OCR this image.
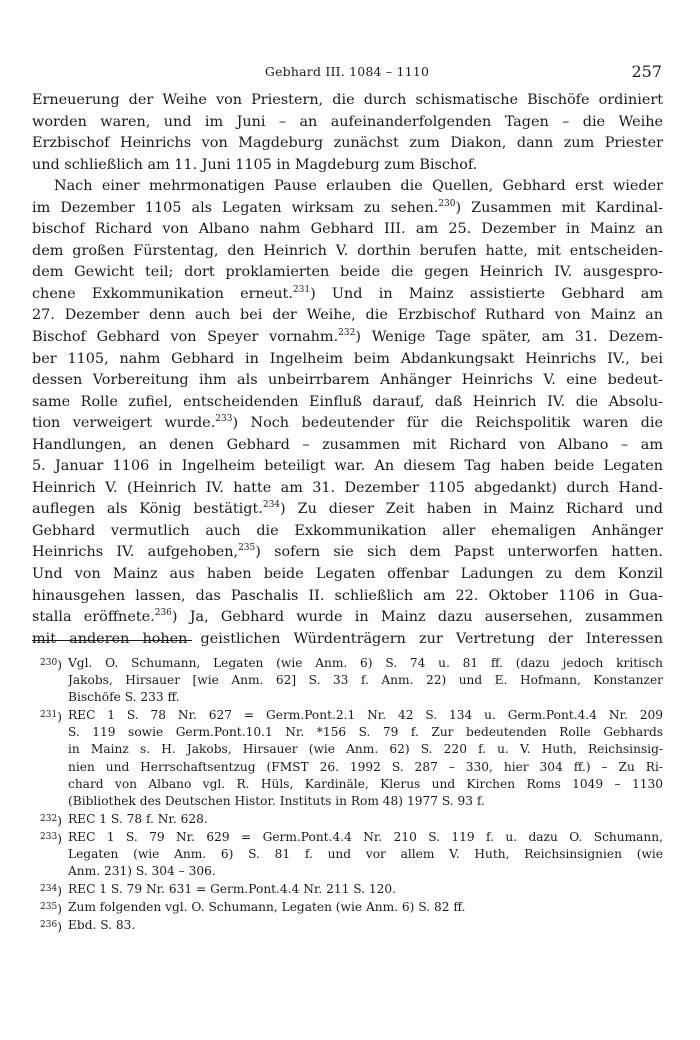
Gebhard III. 1084 – 1110	257
Erneuerung der Weihe von Priestern, die durch schismatische Bischöfe ordiniert
worden waren, und im Juni – an aufeinanderfolgenden Tagen – die Weihe
Erzbischof Heinrichs von Magdeburg zunächst zum Diakon, dann zum Priester
und schließlich am 11. Juni 1105 in Magdeburg zum Bischof.
Nach einer mehrmonatigen Pause erlauben die Quellen, Gebhard erst wieder
im Dezember 1105 als Legaten wirksam zu sehen.$^{230}$) Zusammen mit Kardinal-
bischof Richard von Albano nahm Gebhard III. am 25. Dezember in Mainz an
dem großen Fürstentag, den Heinrich V. dorthin berufen hatte, mit entscheiden-
dem Gewicht teil; dort proklamierten beide die gegen Heinrich IV. ausgespro-
chene Exkommunikation erneut.$^{231}$) Und in Mainz assistierte Gebhard am
27. Dezember denn auch bei der Weihe, die Erzbischof Ruthard von Mainz an
Bischof Gebhard von Speyer vornahm.$^{232}$) Wenige Tage später, am 31. Dezem-
ber 1105, nahm Gebhard in Ingelheim beim Abdankungsakt Heinrichs IV., bei
dessen Vorbereitung ihm als unbeirrbarem Anhänger Heinrichs V. eine bedeut-
same Rolle zufiel, entscheidenden Einfluß darauf, daß Heinrich IV. die Absolu-
tion verweigert wurde.$^{233}$) Noch bedeutender für die Reichspolitik waren die
Handlungen, an denen Gebhard – zusammen mit Richard von Albano – am
5. Januar 1106 in Ingelheim beteiligt war. An diesem Tag haben beide Legaten
Heinrich V. (Heinrich IV. hatte am 31. Dezember 1105 abgedankt) durch Hand-
auflegen als König bestätigt.$^{234}$) Zu dieser Zeit haben in Mainz Richard und
Gebhard vermutlich auch die Exkommunikation aller ehemaligen Anhänger
Heinrichs IV. aufgehoben,$^{235}$) sofern sie sich dem Papst unterworfen hatten.
Und von Mainz aus haben beide Legaten offenbar Ladungen zu dem Konzil
hinausgehen lassen, das Paschalis II. schließlich am 22. Oktober 1106 in Gua-
stalla eröffnete.$^{236}$) Ja, Gebhard wurde in Mainz dazu ausersehen, zusammen
mit anderen hohen geistlichen Würdenträgern zur Vertretung der Interessen
$^{230}$) Vgl. O. Schumann, Legaten (wie Anm. 6) S. 74 u. 81 ff. (dazu jedoch kritisch
Jakobs, Hirsauer [wie Anm. 62] S. 33 f. Anm. 22) und E. Hofmann, Konstanzer
Bischöfe S. 233 ff.
$^{231}$) REC 1 S. 78 Nr. 627 = Germ.Pont.2.1 Nr. 42 S. 134 u. Germ.Pont.4.4 Nr. 209
S. 119 sowie Germ.Pont.10.1 Nr. *156 S. 79 f. Zur bedeutenden Rolle Gebhards
in Mainz s. H. Jakobs, Hirsauer (wie Anm. 62) S. 220 f. u. V. Huth, Reichsinsig-
nien und Herrschaftsentzug (FMST 26. 1992 S. 287 – 330, hier 304 ff.) – Zu Ri-
chard von Albano vgl. R. Hüls, Kardinäle, Klerus und Kirchen Roms 1049 – 1130
(Bibliothek des Deutschen Histor. Instituts in Rom 48) 1977 S. 93 f.
$^{232}$) REC 1 S. 78 f. Nr. 628.
$^{233}$) REC 1 S. 79 Nr. 629 = Germ.Pont.4.4 Nr. 210 S. 119 f. u. dazu O. Schumann,
Legaten (wie Anm. 6) S. 81 f. und vor allem V. Huth, Reichsinsignien (wie
Anm. 231) S. 304 – 306.
$^{234}$) REC 1 S. 79 Nr. 631 = Germ.Pont.4.4 Nr. 211 S. 120.
$^{235}$) Zum folgenden vgl. O. Schumann, Legaten (wie Anm. 6) S. 82 ff.
$^{236}$) Ebd. S. 83.
